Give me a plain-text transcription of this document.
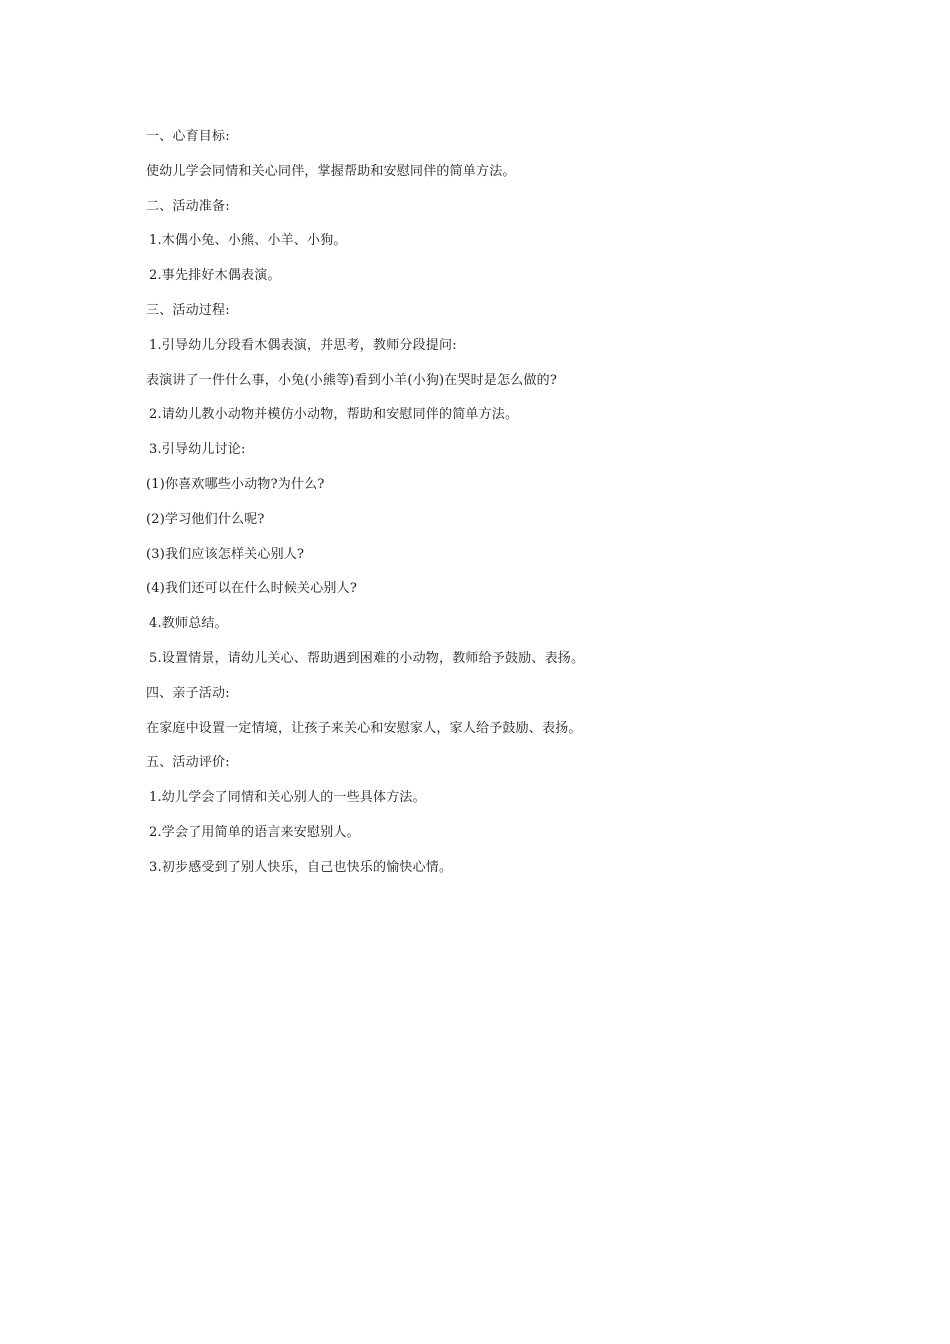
一、心育目标:
使幼儿学会同情和关心同伴，掌握帮助和安慰同伴的简单方法。
二、活动准备:
1.木偶小兔、小熊、小羊、小狗。
2.事先排好木偶表演。
三、活动过程:
1.引导幼儿分段看木偶表演，并思考，教师分段提问:
表演讲了一件什么事，小兔(小熊等)看到小羊(小狗)在哭时是怎么做的?
2.请幼儿教小动物并模仿小动物，帮助和安慰同伴的简单方法。
3.引导幼儿讨论:
(1)你喜欢哪些小动物?为什么?
(2)学习他们什么呢?
(3)我们应该怎样关心别人?
(4)我们还可以在什么时候关心别人?
4.教师总结。
5.设置情景，请幼儿关心、帮助遇到困难的小动物，教师给予鼓励、表扬。
四、亲子活动:
在家庭中设置一定情境，让孩子来关心和安慰家人，家人给予鼓励、表扬。
五、活动评价:
1.幼儿学会了同情和关心别人的一些具体方法。
2.学会了用简单的语言来安慰别人。
3.初步感受到了别人快乐，自己也快乐的愉快心情。
